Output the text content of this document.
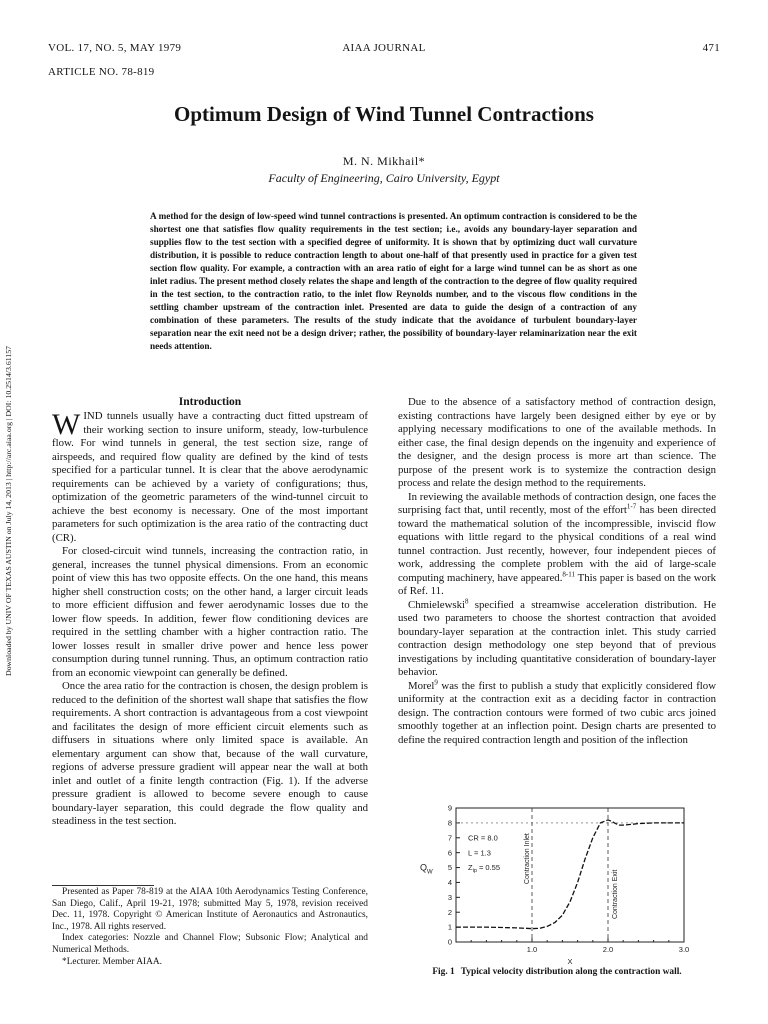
VOL. 17, NO. 5, MAY 1979	AIAA JOURNAL	471
ARTICLE NO. 78-819
Optimum Design of Wind Tunnel Contractions
M. N. Mikhail*
Faculty of Engineering, Cairo University, Egypt
A method for the design of low-speed wind tunnel contractions is presented. An optimum contraction is considered to be the shortest one that satisfies flow quality requirements in the test section; i.e., avoids any boundary-layer separation and supplies flow to the test section with a specified degree of uniformity. It is shown that by optimizing duct wall curvature distribution, it is possible to reduce contraction length to about one-half of that presently used in practice for a given test section flow quality. For example, a contraction with an area ratio of eight for a large wind tunnel can be as short as one inlet radius. The present method closely relates the shape and length of the contraction to the degree of flow quality required in the test section, to the contraction ratio, to the inlet flow Reynolds number, and to the viscous flow conditions in the settling chamber upstream of the contraction inlet. Presented are data to guide the design of a contraction of any combination of these parameters. The results of the study indicate that the avoidance of turbulent boundary-layer separation near the exit need not be a design driver; rather, the possibility of boundary-layer relaminarization near the exit needs attention.
Downloaded by UNIV OF TEXAS AUSTIN on July 14, 2013 | http://arc.aiaa.org | DOI: 10.2514/3.61157	Introduction

WIND tunnels usually have a contracting duct fitted upstream of their working section to insure uniform, steady, low-turbulence flow. For wind tunnels in general, the test section size, range of airspeeds, and required flow quality are defined by the kind of tests specified for a particular tunnel. It is clear that the above aerodynamic requirements can be achieved by a variety of configurations; thus, optimization of the geometric parameters of the wind-tunnel circuit to achieve the best economy is necessary. One of the most important parameters for such optimization is the area ratio of the contracting duct (CR).

For closed-circuit wind tunnels, increasing the contraction ratio, in general, increases the tunnel physical dimensions. From an economic point of view this has two opposite effects. On the one hand, this means higher shell construction costs; on the other hand, a larger circuit leads to more efficient diffusion and fewer aerodynamic losses due to the lower flow speeds. In addition, fewer flow conditioning devices are required in the settling chamber with a higher contraction ratio. The lower losses result in smaller drive power and hence less power consumption during tunnel running. Thus, an optimum contraction ratio from an economic viewpoint can generally be defined.

Once the area ratio for the contraction is chosen, the design problem is reduced to the definition of the shortest wall shape that satisfies the flow requirements. A short contraction is advantageous from a cost viewpoint and facilitates the design of more efficient circuit elements such as diffusers in situations where only limited space is available. An elementary argument can show that, because of the wall curvature, regions of adverse pressure gradient will appear near the wall at both inlet and outlet of a finite length contraction (Fig. 1). If the adverse pressure gradient is allowed to become severe enough to cause boundary-layer separation, this could degrade the flow quality and steadiness in the test section.

Presented as Paper 78-819 at the AIAA 10th Aerodynamics Testing Conference, San Diego, Calif., April 19-21, 1978; submitted May 5, 1978, revision received Dec. 11, 1978. Copyright © American Institute of Aeronautics and Astronautics, Inc., 1978. All rights reserved.

Index categories: Nozzle and Channel Flow; Subsonic Flow; Analytical and Numerical Methods.

*Lecturer. Member AIAA.

Due to the absence of a satisfactory method of contraction design, existing contractions have largely been designed either by eye or by applying necessary modifications to one of the available methods. In either case, the final design depends on the ingenuity and experience of the designer, and the design process is more art than science. The purpose of the present work is to systemize the contraction design process and relate the design method to the requirements.

In reviewing the available methods of contraction design, one faces the surprising fact that, until recently, most of the effort$^{1-7}$ has been directed toward the mathematical solution of the incompressible, inviscid flow equations with little regard to the physical conditions of a real wind tunnel contraction. Just recently, however, four independent pieces of work, addressing the complete problem with the aid of large-scale computing machinery, have appeared.$^{8-11}$ This paper is based on the work of Ref. 11.

Chmielewski$^8$ specified a streamwise acceleration distribution. He used two parameters to choose the shortest contraction that avoided boundary-layer separation at the contraction inlet. This study carried contraction design methodology one step beyond that of previous investigations by including quantitative consideration of boundary-layer behavior.

Morel$^9$ was the first to publish a study that explicitly considered flow uniformity at the contraction exit as a deciding factor in contraction design. The contraction contours were formed of two cubic arcs joined smoothly together at an inflection point. Design charts are presented to define the required contraction length and position of the inflection

0
1
2
3
4
5
6
7
8
9
1.0	2.0	3.0
X
$Q_W$	Contraction Inlet
Contraction Exit
CR = 8.0
L = 1.3
$Z_{ip} = 0.55$
Fig. 1 Typical velocity distribution along the contraction wall.
